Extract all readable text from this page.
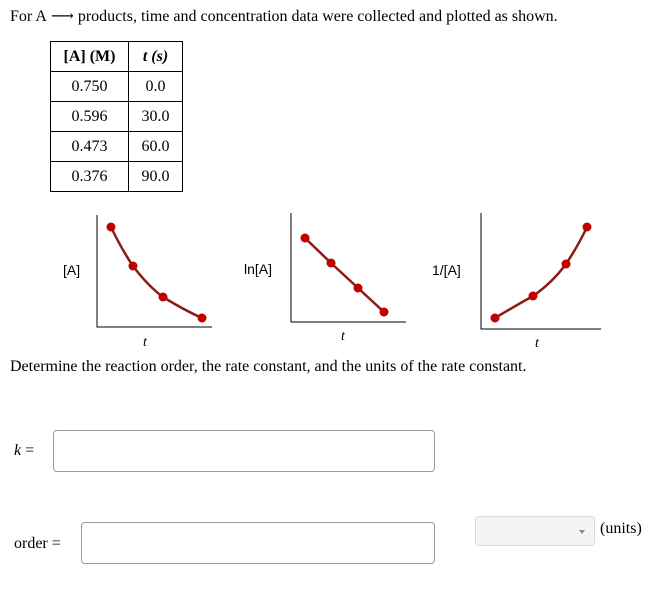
For A ⟶ products, time and concentration data were collected and plotted as shown.
[A] (M)	t (s)
0.750	0.0
0.596	30.0
0.473	60.0
0.376	90.0
[A]
t
ln[A]
t
1/[A]
t
Determine the reaction order, the rate constant, and the units of the rate constant.
k =
order =
(units)
